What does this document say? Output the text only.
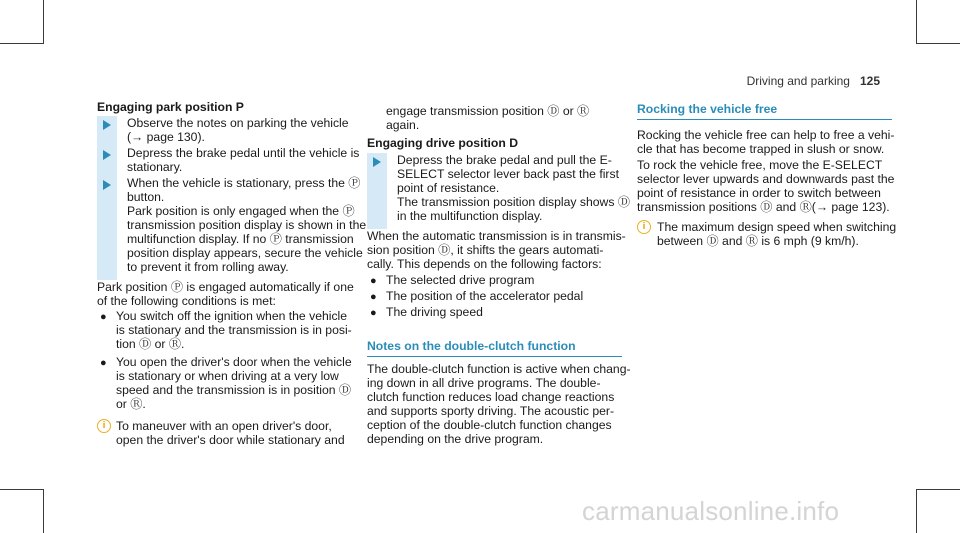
Driving and parking 125
Engaging park position P
Observe the notes on parking the vehicle
(→ page 130).
Depress the brake pedal until the vehicle is
stationary.
When the vehicle is stationary, press the Ⓟ
button.
Park position is only engaged when the Ⓟ
transmission position display is shown in the
multifunction display. If no Ⓟ transmission
position display appears, secure the vehicle
to prevent it from rolling away.
Park position Ⓟ is engaged automatically if one
of the following conditions is met:
● You switch off the ignition when the vehicle
is stationary and the transmission is in posi-
tion Ⓓ or Ⓡ.
● You open the driver's door when the vehicle
is stationary or when driving at a very low
speed and the transmission is in position Ⓓ
or Ⓡ.
i To maneuver with an open driver's door,
open the driver's door while stationary and
engage transmission position Ⓓ or Ⓡ
again.
Engaging drive position D
Depress the brake pedal and pull the E-
SELECT selector lever back past the first
point of resistance.
The transmission position display shows Ⓓ
in the multifunction display.
When the automatic transmission is in transmis-
sion position Ⓓ, it shifts the gears automati-
cally. This depends on the following factors:
● The selected drive program
● The position of the accelerator pedal
● The driving speed
Notes on the double-clutch function
The double-clutch function is active when chang-
ing down in all drive programs. The double-
clutch function reduces load change reactions
and supports sporty driving. The acoustic per-
ception of the double-clutch function changes
depending on the drive program.
Rocking the vehicle free
Rocking the vehicle free can help to free a vehi-
cle that has become trapped in slush or snow.
To rock the vehicle free, move the E-SELECT
selector lever upwards and downwards past the
point of resistance in order to switch between
transmission positions Ⓓ and Ⓡ(→ page 123).
i The maximum design speed when switching
between Ⓓ and Ⓡ is 6 mph (9 km/h).
carmanualsonline.info
